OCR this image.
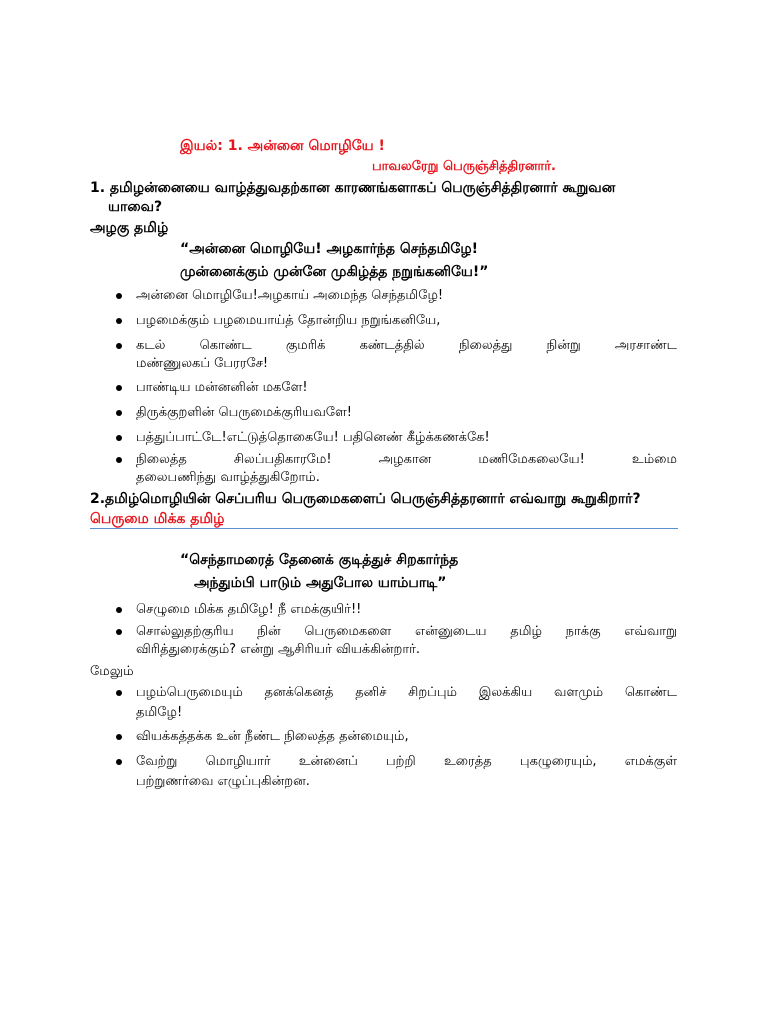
இயல்: 1. அன்னை மொழியே !
பாவலரேறு பெருஞ்சித்திரனார்.
1. தமிழன்னையை வாழ்த்துவதற்கான காரணங்களாகப் பெருஞ்சித்திரனார் கூறுவன
யாவை?
அழகு தமிழ்
“அன்னை மொழியே! அழகார்ந்த செந்தமிழே!
முன்னைக்கும் முன்னே முகிழ்த்த நறுங்கனியே!”
அன்னை மொழியே!அழகாய் அமைந்த செந்தமிழே!
பழமைக்கும் பழமையாய்த் தோன்றிய நறுங்கனியே,
கடல்	கொண்ட	குமரிக்	கண்டத்தில்	நிலைத்து	நின்று	அரசாண்ட
மண்ணுலகப் பேரரசே!
பாண்டிய மன்னனின் மகளே!
திருக்குறளின் பெருமைக்குரியவளே!
பத்துப்பாட்டே!எட்டுத்தொகையே! பதினெண் கீழ்க்கணக்கே!
நிலைத்த	சிலப்பதிகாரமே!	அழகான	மணிமேகலையே!	உம்மை
தலைபணிந்து வாழ்த்துகிறோம்.
2.தமிழ்மொழியின் செப்பரிய பெருமைகளைப் பெருஞ்சித்தரனார் எவ்வாறு கூறுகிறார்?
பெருமை மிக்க தமிழ்
“செந்தாமரைத் தேனைக் குடித்துச் சிறகார்ந்த
அந்தும்பி பாடும் அதுபோல யாம்பாடி”
செழுமை மிக்க தமிழே! நீ எமக்குயிர்!!
சொல்லுதற்குரிய நின் பெருமைகளை என்னுடைய தமிழ் நாக்கு எவ்வாறு
விரித்துரைக்கும்? என்று ஆசிரியர் வியக்கின்றார்.
மேலும்
பழம்பெருமையும் தனக்கெனத் தனிச் சிறப்பும் இலக்கிய வளமும் கொண்ட
தமிழே!
வியக்கத்தக்க உன் நீண்ட நிலைத்த தன்மையும்,
வேற்று மொழியார் உன்னைப் பற்றி உரைத்த புகழுரையும், எமக்குள்
பற்றுணர்வை எழுப்புகின்றன.
